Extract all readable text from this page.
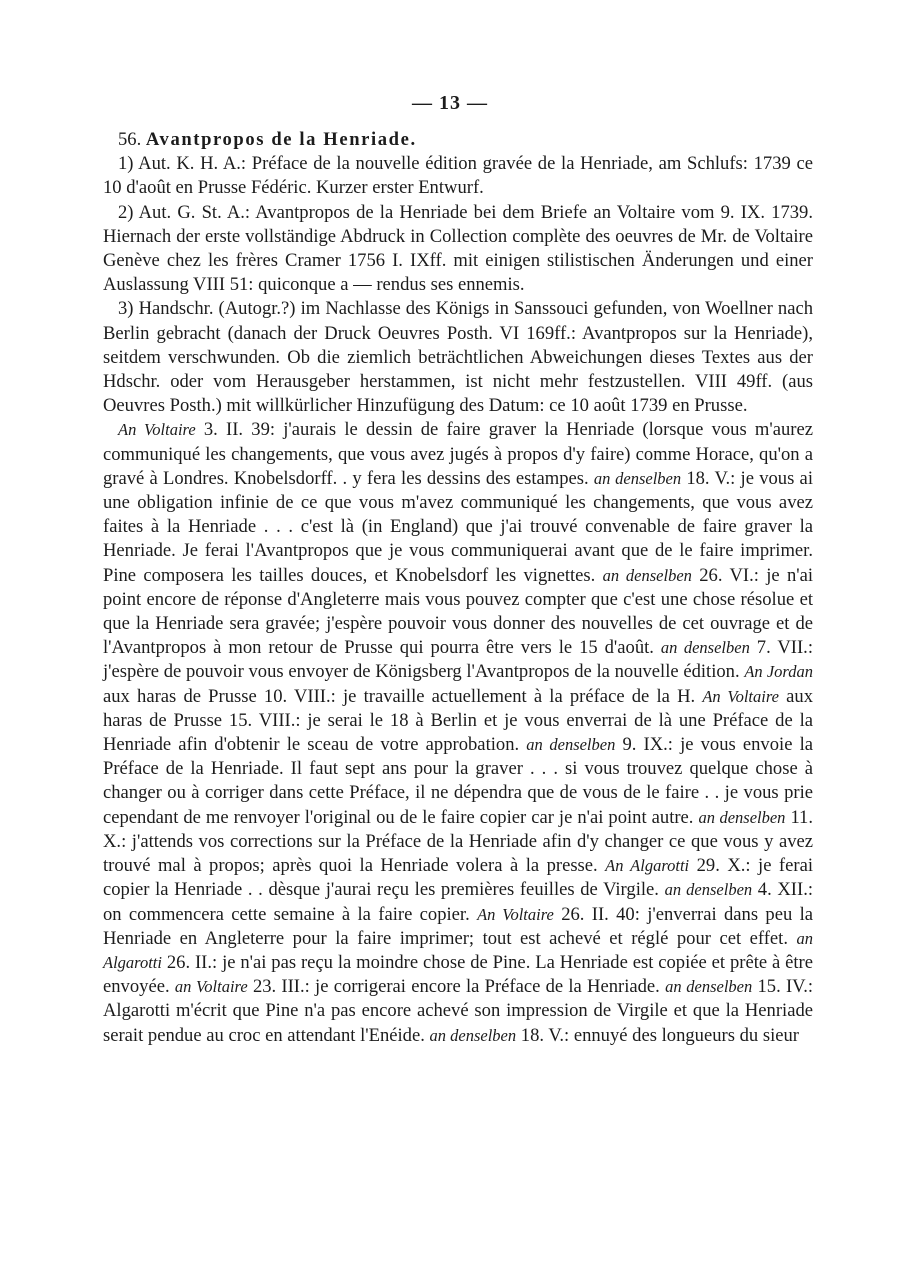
— 13 —

56. Avantpropos de la Henriade.

1) Aut. K. H. A.: Préface de la nouvelle édition gravée de la Henriade, am Schlufs: 1739 ce 10 d'août en Prusse Fédéric. Kurzer erster Entwurf.

2) Aut. G. St. A.: Avantpropos de la Henriade bei dem Briefe an Voltaire vom 9. IX. 1739. Hiernach der erste vollständige Abdruck in Collection complète des oeuvres de Mr. de Voltaire Genève chez les frères Cramer 1756 I. IXff. mit einigen stilistischen Änderungen und einer Auslassung VIII 51: quiconque a — rendus ses ennemis.

3) Handschr. (Autogr.?) im Nachlasse des Königs in Sanssouci gefunden, von Woellner nach Berlin gebracht (danach der Druck Oeuvres Posth. VI 169ff.: Avantpropos sur la Henriade), seitdem verschwunden. Ob die ziemlich beträchtlichen Abweichungen dieses Textes aus der Hdschr. oder vom Herausgeber herstammen, ist nicht mehr festzustellen. VIII 49ff. (aus Oeuvres Posth.) mit willkürlicher Hinzufügung des Datum: ce 10 août 1739 en Prusse.

An Voltaire 3. II. 39: j'aurais le dessin de faire graver la Henriade (lorsque vous m'aurez communiqué les changements, que vous avez jugés à propos d'y faire) comme Horace, qu'on a gravé à Londres. Knobelsdorff. . y fera les dessins des estampes. an denselben 18. V.: je vous ai une obligation infinie de ce que vous m'avez communiqué les changements, que vous avez faites à la Henriade . . . c'est là (in England) que j'ai trouvé convenable de faire graver la Henriade. Je ferai l'Avantpropos que je vous communiquerai avant que de le faire imprimer. Pine composera les tailles douces, et Knobelsdorf les vignettes. an denselben 26. VI.: je n'ai point encore de réponse d'Angleterre mais vous pouvez compter que c'est une chose résolue et que la Henriade sera gravée; j'espère pouvoir vous donner des nouvelles de cet ouvrage et de l'Avantpropos à mon retour de Prusse qui pourra être vers le 15 d'août. an denselben 7. VII.: j'espère de pouvoir vous envoyer de Königsberg l'Avantpropos de la nouvelle édition. An Jordan aux haras de Prusse 10. VIII.: je travaille actuellement à la préface de la H. An Voltaire aux haras de Prusse 15. VIII.: je serai le 18 à Berlin et je vous enverrai de là une Préface de la Henriade afin d'obtenir le sceau de votre approbation. an denselben 9. IX.: je vous envoie la Préface de la Henriade. Il faut sept ans pour la graver . . . si vous trouvez quelque chose à changer ou à corriger dans cette Préface, il ne dépendra que de vous de le faire . . je vous prie cependant de me renvoyer l'original ou de le faire copier car je n'ai point autre. an denselben 11. X.: j'attends vos corrections sur la Préface de la Henriade afin d'y changer ce que vous y avez trouvé mal à propos; après quoi la Henriade volera à la presse. An Algarotti 29. X.: je ferai copier la Henriade . . dèsque j'aurai reçu les premières feuilles de Virgile. an denselben 4. XII.: on commencera cette semaine à la faire copier. An Voltaire 26. II. 40: j'enverrai dans peu la Henriade en Angleterre pour la faire imprimer; tout est achevé et réglé pour cet effet. an Algarotti 26. II.: je n'ai pas reçu la moindre chose de Pine. La Henriade est copiée et prête à être envoyée. an Voltaire 23. III.: je corrigerai encore la Préface de la Henriade. an denselben 15. IV.: Algarotti m'écrit que Pine n'a pas encore achevé son impression de Virgile et que la Henriade serait pendue au croc en attendant l'Enéide. an denselben 18. V.: ennuyé des longueurs du sieur
